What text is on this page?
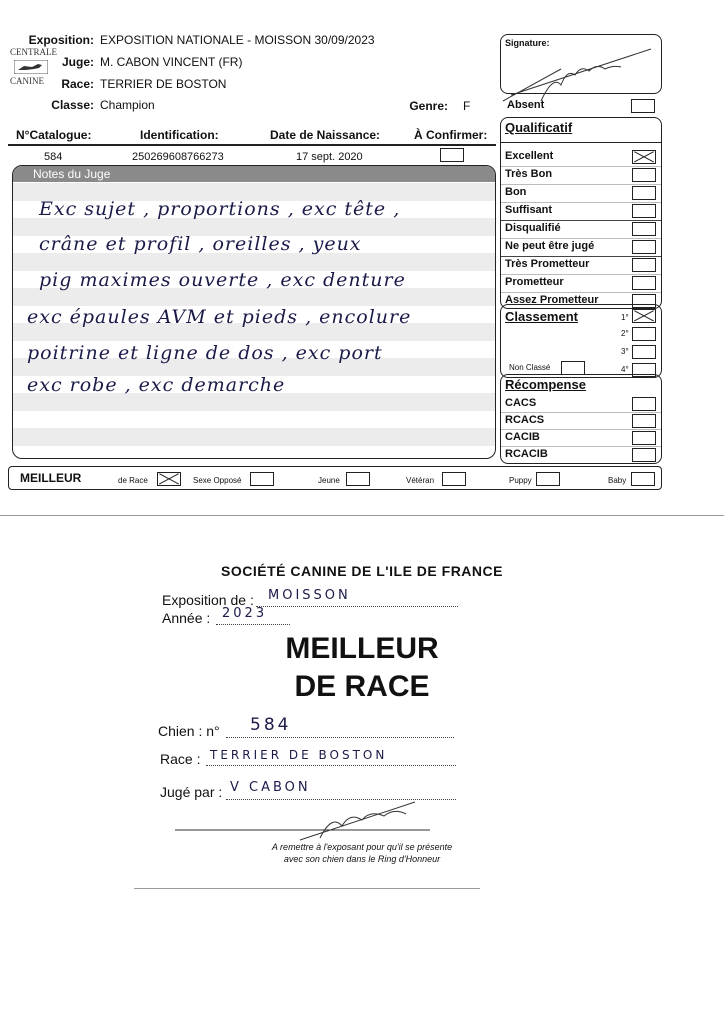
CENTRALE
CANINE
Exposition: EXPOSITION NATIONALE - MOISSON 30/09/2023
Juge: M. CABON VINCENT (FR)
Race: TERRIER DE BOSTON
Classe: Champion	Genre: F
Signature:
Absent
N°Catalogue:	Identification:	Date de Naissance:	À Confirmer:
584	250269608766273	17 sept. 2020
Notes du Juge
Exc sujet , proportions , exc tête ,
crâne et profil , oreilles , yeux
pig maximes ouverte , exc denture
exc épaules AVM et pieds , encolure
poitrine et ligne de dos , exc port
exc robe , exc demarche
Qualificatif
Excellent
Très Bon
Bon
Suffisant
Disqualifié
Ne peut être jugé
Très Prometteur
Prometteur
Assez Prometteur
Classement	1°
2°
3°
4°
Non Classé
Récompense
CACS
RCACS
CACIB
RCACIB
MEILLEUR	de Race	Sexe Opposé	Jeune	Vétéran	Puppy	Baby
SOCIÉTÉ CANINE DE L'ILE DE FRANCE
Exposition de : MOISSON
Année : 2023
MEILLEUR
DE RACE
Chien : n° 584
Race : TERRIER DE BOSTON
Jugé par : V CABON
A remettre à l'exposant pour qu'il se présente
avec son chien dans le Ring d'Honneur
